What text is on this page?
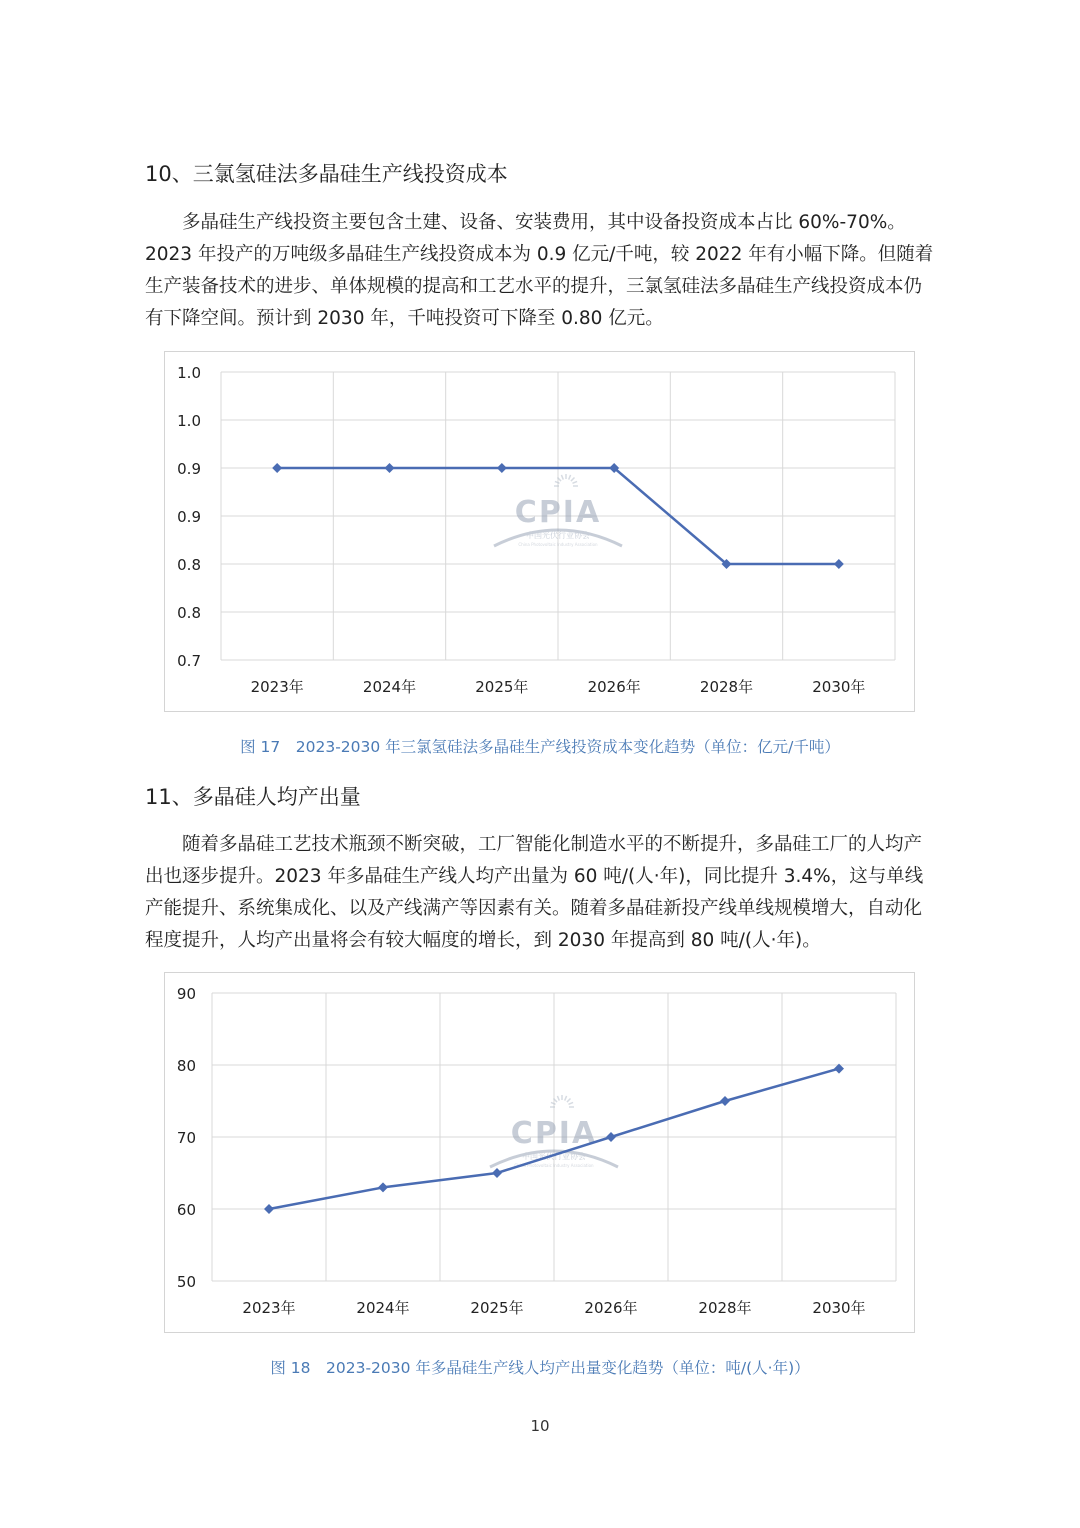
10、三氯氢硅法多晶硅生产线投资成本

多晶硅生产线投资主要包含土建、设备、安装费用，其中设备投资成本占比 60%-70%。2023 年投产的万吨级多晶硅生产线投资成本为 0.9 亿元/千吨，较 2022 年有小幅下降。但随着生产装备技术的进步、单体规模的提高和工艺水平的提升，三氯氢硅法多晶硅生产线投资成本仍有下降空间。预计到 2030 年，千吨投资可下降至 0.80 亿元。

0.7
0.8
0.8
0.9
0.9
1.0
1.0
CPIA
中国光伏行业协会
China Photovoltaic Industry Association
2023年	2024年	2025年	2026年	2028年	2030年
图 17　2023-2030 年三氯氢硅法多晶硅生产线投资成本变化趋势（单位：亿元/千吨）
11、多晶硅人均产出量

随着多晶硅工艺技术瓶颈不断突破，工厂智能化制造水平的不断提升，多晶硅工厂的人均产出也逐步提升。2023 年多晶硅生产线人均产出量为 60 吨/(人·年)，同比提升 3.4%，这与单线产能提升、系统集成化、以及产线满产等因素有关。随着多晶硅新投产线单线规模增大，自动化程度提升，人均产出量将会有较大幅度的增长，到 2030 年提高到 80 吨/(人·年)。

50
60
70
80
90
CPIA
中国光伏行业协会
China Photovoltaic Industry Association
2023年	2024年	2025年	2026年	2028年	2030年
图 18　2023-2030 年多晶硅生产线人均产出量变化趋势（单位：吨/(人·年)）
10
